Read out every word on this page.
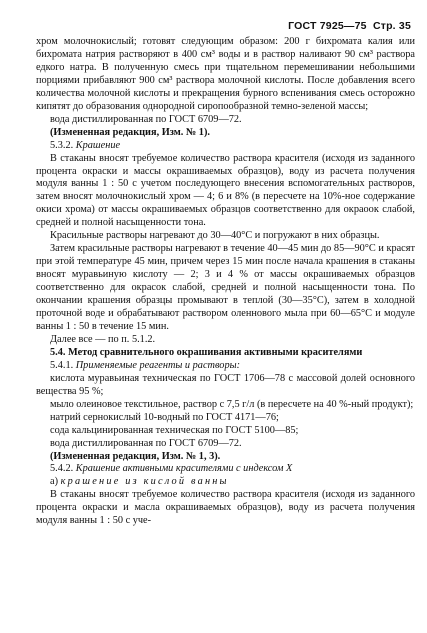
ГОСТ 7925—75 Стр. 35

хром молочнокислый; готовят следующим образом: 200 г бихромата калия или бихромата натрия растворяют в 400 см³ воды и в раствор наливают 90 см³ раствора едкого натра. В полученную смесь при тщательном перемешивании небольшими порциями прибавляют 900 см³ раствора молочной кислоты. После добавления всего количества молочной кислоты и прекращения бурного вспенивания смесь осторожно кипятят до образования однородной сиропообразной темно-зеленой массы;

вода дистиллированная по ГОСТ 6709—72.

(Измененная редакция, Изм. № 1).

5.3.2. Крашение

В стаканы вносят требуемое количество раствора красителя (исходя из заданного процента окраски и массы окрашиваемых образцов), воду из расчета получения модуля ванны 1 : 50 с учетом последующего внесения вспомогательных растворов, затем вносят молочнокислый хром — 4; 6 и 8% (в пересчете на 10%-ное содержание окиси хрома) от массы окрашиваемых образцов соответственно для окраоок слабой, средней и полной насыщенности тона.

Красильные растворы нагревают до 30—40°С и погружают в них образцы.

Затем красильные растворы нагревают в течение 40—45 мин до 85—90°С и красят при этой температуре 45 мин, причем через 15 мин после начала крашения в стаканы вносят муравьиную кислоту — 2; 3 и 4 % от массы окрашиваемых образцов соответственно для окрасок слабой, средней и полной насыщенности тона. По окончании крашения образцы промывают в теплой (30—35°С), затем в холодной проточной воде и обрабатывают раствором оленнового мыла при 60—65°С и модуле ванны 1 : 50 в течение 15 мин.

Далее все — по п. 5.1.2.

5.4. Метод сравнительного окрашивания активными красителями

5.4.1. Применяемые реагенты и растворы:

кислота муравьиная техническая по ГОСТ 1706—78 с массовой долей основного вещества 95 %;

мыло олеиновое текстильное, раствор с 7,5 г/л (в пересчете на 40 %-ный продукт);

натрий сернокислый 10-водный по ГОСТ 4171—76;

сода кальцинированная техническая по ГОСТ 5100—85;

вода дистиллированная по ГОСТ 6709—72.

(Измененная редакция, Изм. № 1, 3).

5.4.2. Крашение активными красителями с индексом X

а) крашение из кислой ванны

В стаканы вносят требуемое количество раствора красителя (исходя из заданного процента окраски и масла окрашиваемых образцов), воду из расчета получения модуля ванны 1 : 50 с уче-
